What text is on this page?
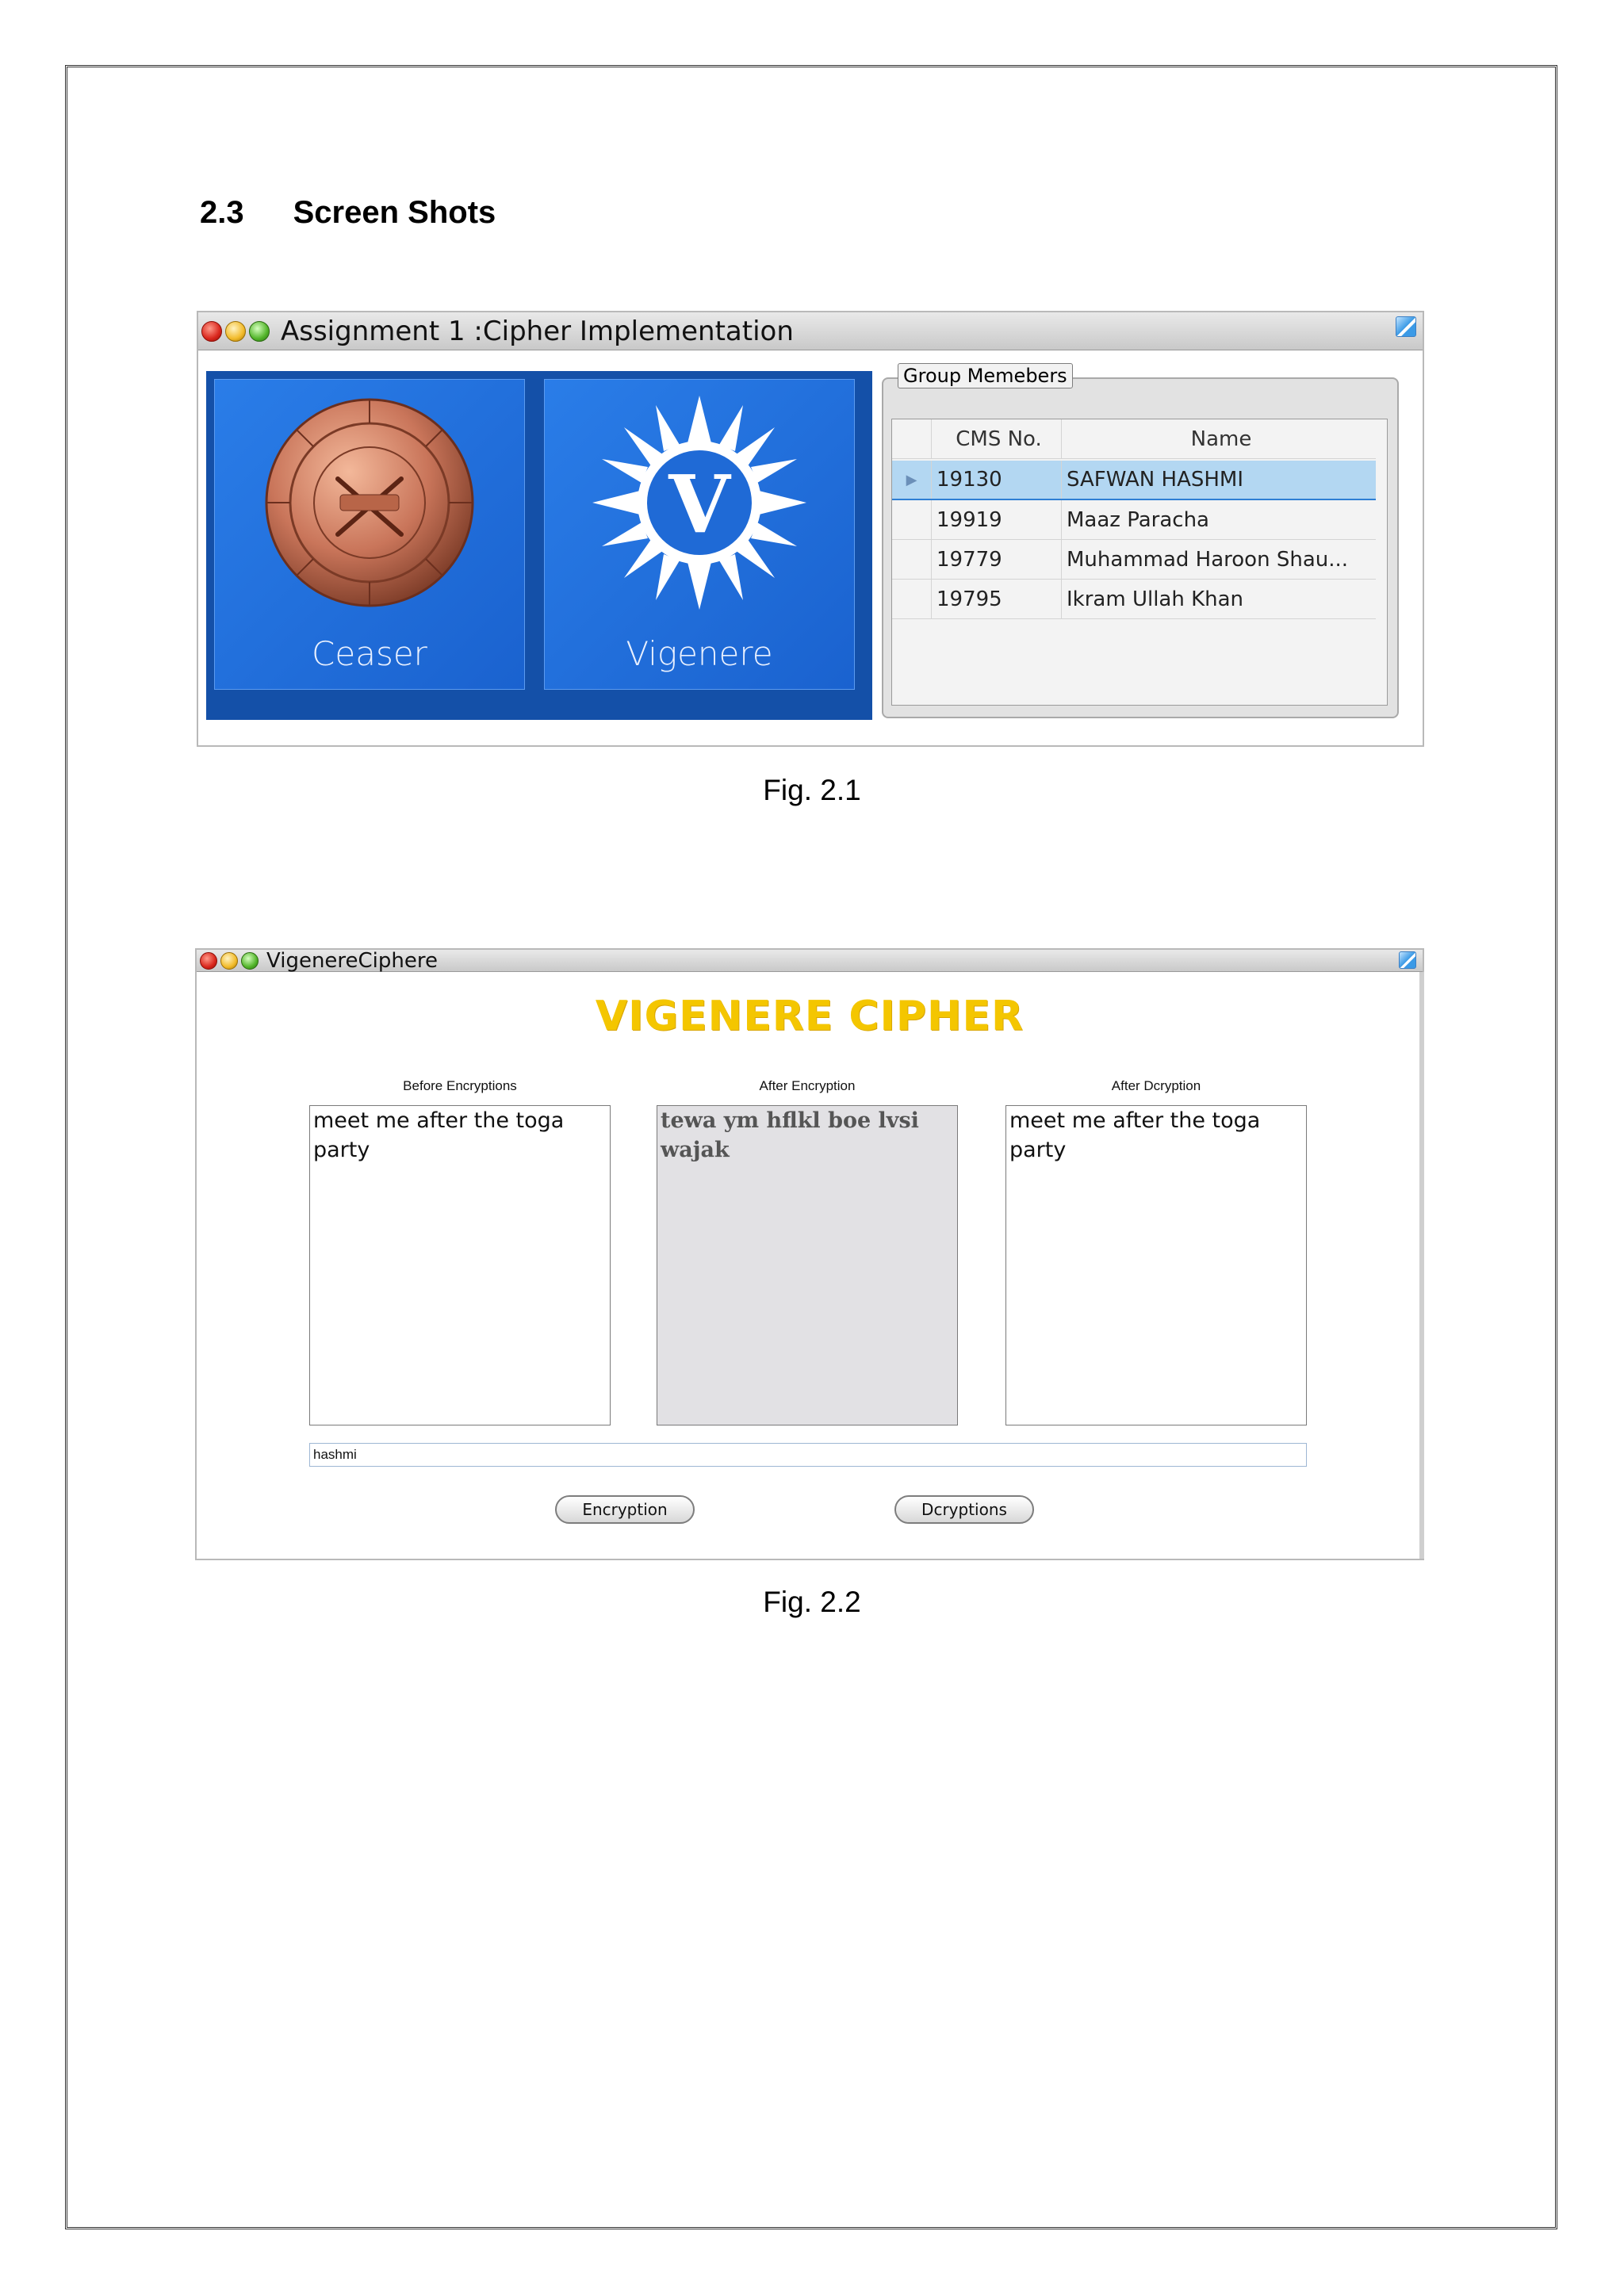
2.3 Screen Shots
Assignment 1 :Cipher Implementation
Ceaser
V
Vigenere
Group Memebers
CMS No.	Name
▶ 19130	SAFWAN HASHMI
19919	Maaz Paracha
19779	Muhammad Haroon Shau...
19795	Ikram Ullah Khan
Fig. 2.1
VigenereCiphere
VIGENERE CIPHER
Before Encryptions	After Encryption	After Dcryption
meet me after the toga party
tewa ym hflkl boe lvsi wajak
meet me after the toga party
hashmi
Encryption	Dcryptions
Fig. 2.2
